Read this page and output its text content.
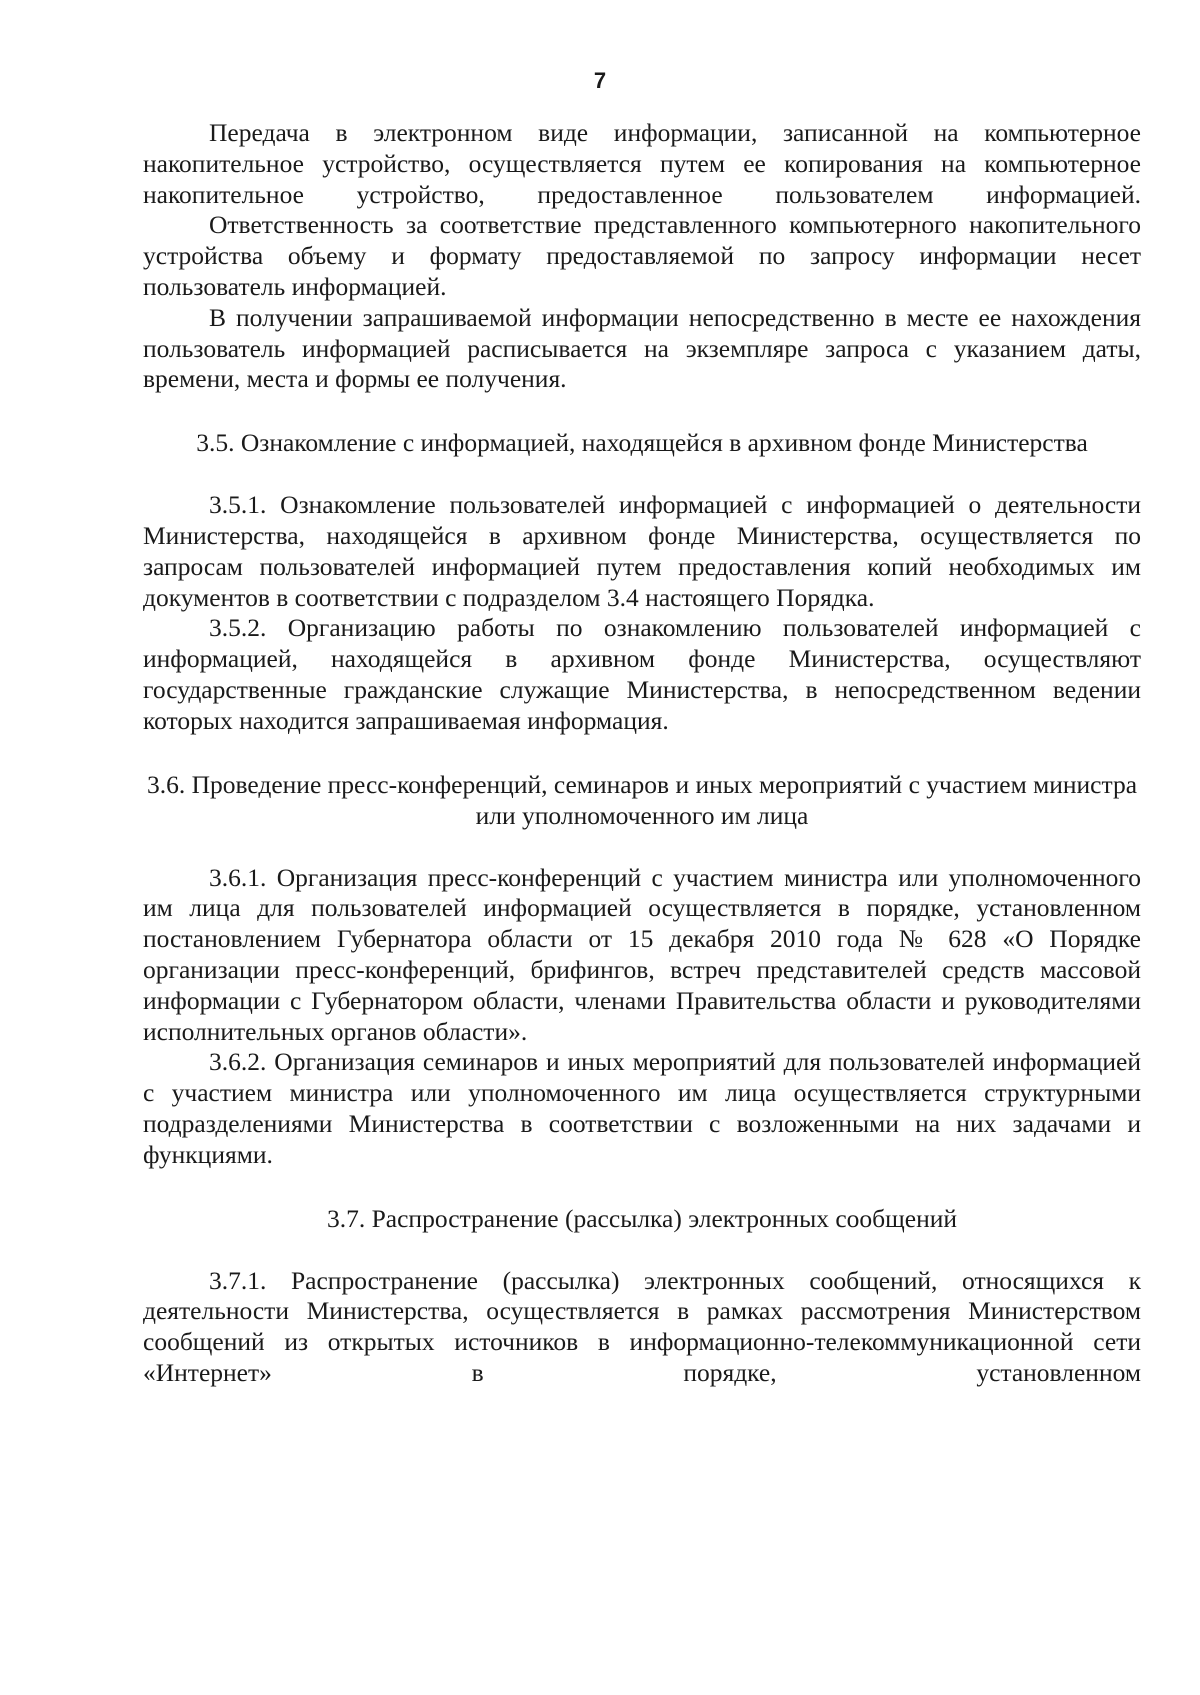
7

Передача в электронном виде информации, записанной на компьютерное накопительное устройство, осуществляется путем ее копирования на компьютерное накопительное устройство, предоставленное пользователем информацией.

Ответственность за соответствие представленного компьютерного накопительного устройства объему и формату предоставляемой по запросу информации несет пользователь информацией.

В получении запрашиваемой информации непосредственно в месте ее нахождения пользователь информацией расписывается на экземпляре запроса с указанием даты, времени, места и формы ее получения.

3.5. Ознакомление с информацией, находящейся в архивном фонде Министерства

3.5.1. Ознакомление пользователей информацией с информацией о деятельности Министерства, находящейся в архивном фонде Министерства, осуществляется по запросам пользователей информацией путем предоставления копий необходимых им документов в соответствии с подразделом 3.4 настоящего Порядка.

3.5.2. Организацию работы по ознакомлению пользователей информацией с информацией, находящейся в архивном фонде Министерства, осуществляют государственные гражданские служащие Министерства, в непосредственном ведении которых находится запрашиваемая информация.

3.6. Проведение пресс-конференций, семинаров и иных мероприятий с участием министра или уполномоченного им лица

3.6.1. Организация пресс-конференций с участием министра или уполномоченного им лица для пользователей информацией осуществляется в порядке, установленном постановлением Губернатора области от 15 декабря 2010 года № 628 «О Порядке организации пресс-конференций, брифингов, встреч представителей средств массовой информации с Губернатором области, членами Правительства области и руководителями исполнительных органов области».

3.6.2. Организация семинаров и иных мероприятий для пользователей информацией с участием министра или уполномоченного им лица осуществляется структурными подразделениями Министерства в соответствии с возложенными на них задачами и функциями.

3.7. Распространение (рассылка) электронных сообщений

3.7.1. Распространение (рассылка) электронных сообщений, относящихся к деятельности Министерства, осуществляется в рамках рассмотрения Министерством сообщений из открытых источников в информационно-телекоммуникационной сети «Интернет» в порядке, установленном
